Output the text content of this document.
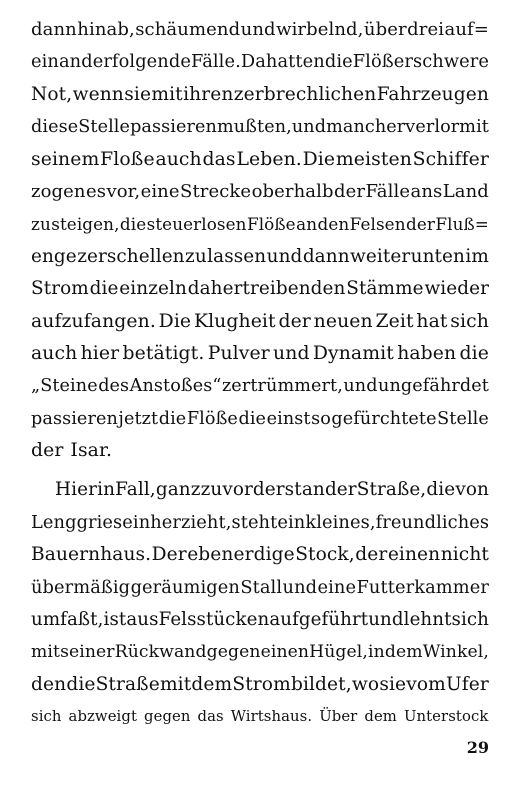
dann hinab, schäumend und wirbelnd, über drei auf=
einanderfolgende Fälle. Da hatten die Flößer schwere
Not, wenn sie mit ihren zerbrechlichen Fahrzeugen
diese Stelle passieren mußten, und mancher verlor mit
seinem Floße auch das Leben. Die meisten Schiffer
zogen es vor, eine Strecke oberhalb der Fälle ans Land
zu steigen, die steuerlosen Flöße an den Felsen der Fluß=
enge zerschellen zu lassen und dann weiter unten im
Strom die einzeln dahertreibenden Stämme wieder
aufzufangen. Die Klugheit der neuen Zeit hat sich
auch hier betätigt. Pulver und Dynamit haben die
„Steine des Anstoßes“ zertrümmert, und ungefährdet
passieren jetzt die Flöße die einst so gefürchtete Stelle
der Isar.
Hier in Fall, ganz zuvorderst an der Straße, die von
Lenggries einherzieht, steht ein kleines, freundliches
Bauernhaus. Der ebenerdige Stock, der einen nicht
übermäßig geräumigen Stall und eine Futterkammer
umfaßt, ist aus Felsstücken aufgeführt und lehnt sich
mit seiner Rückwand gegen einen Hügel, in dem Winkel,
den die Straße mit dem Strom bildet, wo sie vom Ufer
sich abzweigt gegen das Wirtshaus. Über dem Unterstock
29
